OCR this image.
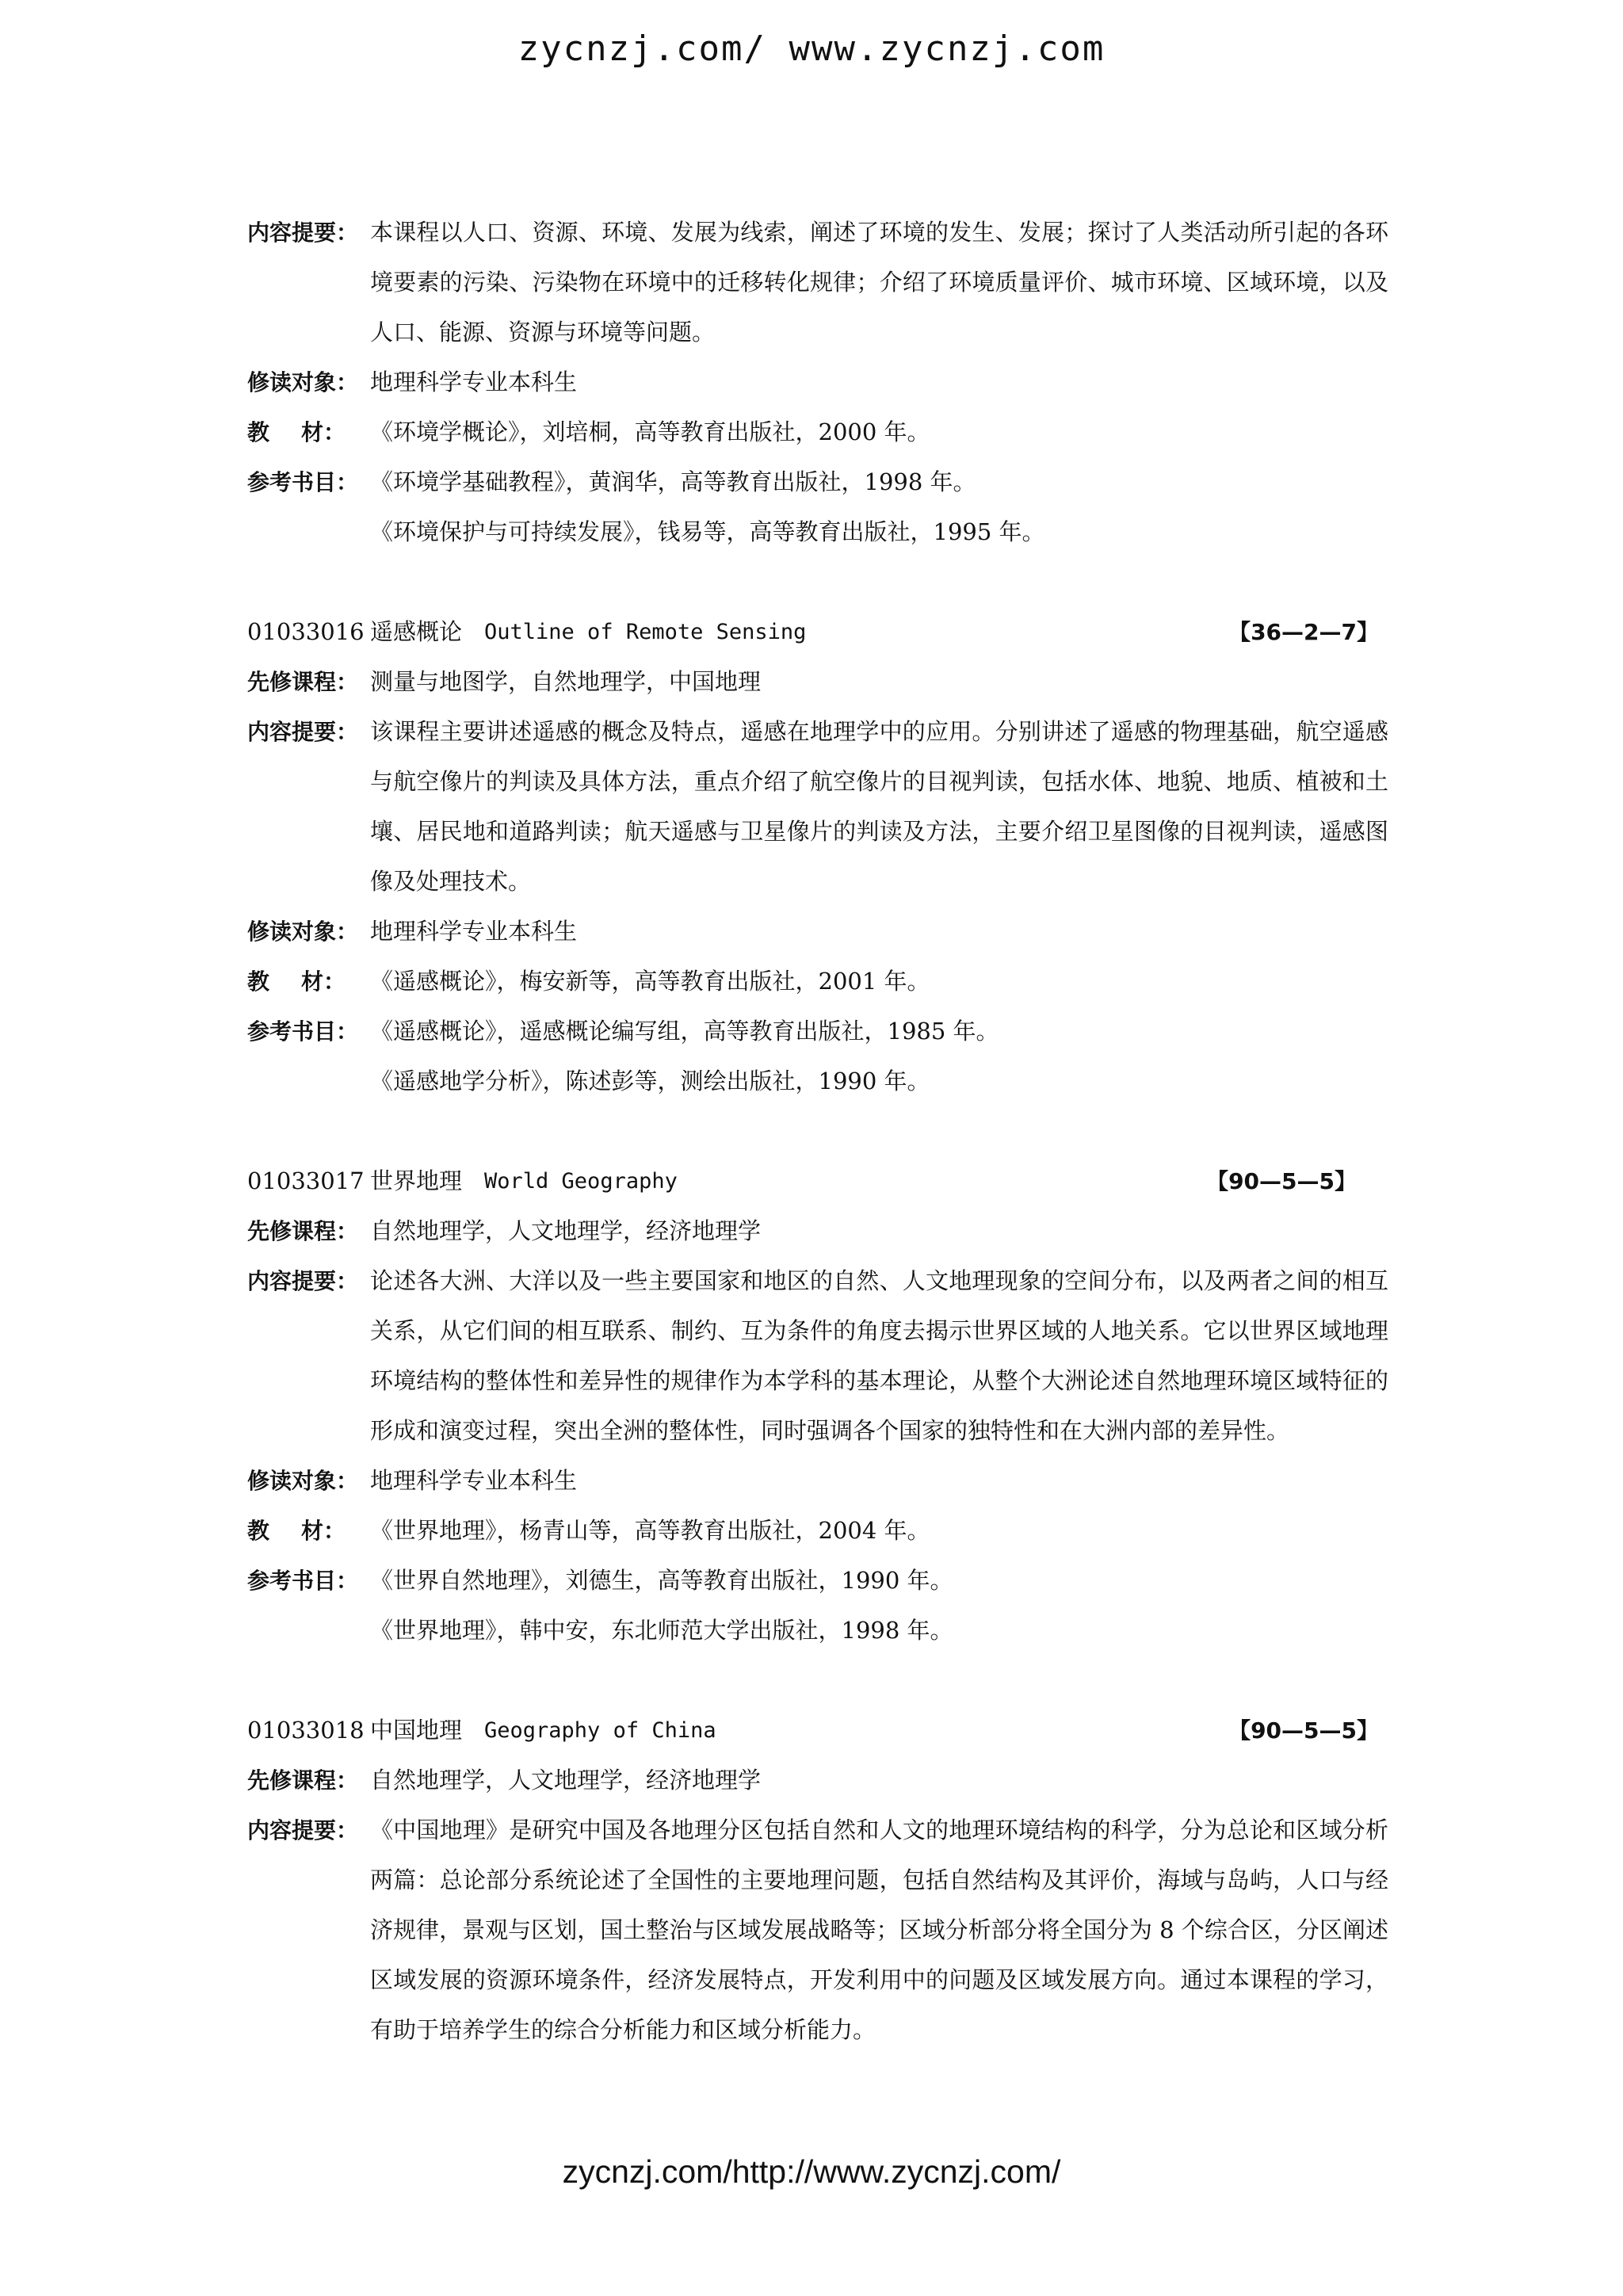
zycnzj.com/ www.zycnzj.com
内容提要： 本课程以人口、资源、环境、发展为线索，阐述了环境的发生、发展；探讨了人类活动所引起的各环境要素的污染、污染物在环境中的迁移转化规律；介绍了环境质量评价、城市环境、区域环境，以及人口、能源、资源与环境等问题。
修读对象： 地理科学专业本科生
教 材： 《环境学概论》，刘培桐，高等教育出版社，2000 年。
参考书目： 《环境学基础教程》，黄润华，高等教育出版社，1998 年。
《环境保护与可持续发展》，钱易等，高等教育出版社，1995 年。
01033016 遥感概论 Outline of Remote Sensing	【36—2—7】
先修课程： 测量与地图学，自然地理学，中国地理
内容提要： 该课程主要讲述遥感的概念及特点，遥感在地理学中的应用。分别讲述了遥感的物理基础，航空遥感与航空像片的判读及具体方法，重点介绍了航空像片的目视判读，包括水体、地貌、地质、植被和土壤、居民地和道路判读；航天遥感与卫星像片的判读及方法，主要介绍卫星图像的目视判读，遥感图像及处理技术。
修读对象： 地理科学专业本科生
教 材： 《遥感概论》，梅安新等，高等教育出版社，2001 年。
参考书目： 《遥感概论》，遥感概论编写组，高等教育出版社，1985 年。
《遥感地学分析》，陈述彭等，测绘出版社，1990 年。
01033017 世界地理 World Geography	【90—5—5】
先修课程： 自然地理学，人文地理学，经济地理学
内容提要： 论述各大洲、大洋以及一些主要国家和地区的自然、人文地理现象的空间分布，以及两者之间的相互关系，从它们间的相互联系、制约、互为条件的角度去揭示世界区域的人地关系。它以世界区域地理环境结构的整体性和差异性的规律作为本学科的基本理论，从整个大洲论述自然地理环境区域特征的形成和演变过程，突出全洲的整体性，同时强调各个国家的独特性和在大洲内部的差异性。
修读对象： 地理科学专业本科生
教 材： 《世界地理》，杨青山等，高等教育出版社，2004 年。
参考书目： 《世界自然地理》，刘德生，高等教育出版社，1990 年。
《世界地理》，韩中安，东北师范大学出版社，1998 年。
01033018 中国地理 Geography of China	【90—5—5】
先修课程： 自然地理学，人文地理学，经济地理学
内容提要： 《中国地理》是研究中国及各地理分区包括自然和人文的地理环境结构的科学，分为总论和区域分析两篇：总论部分系统论述了全国性的主要地理问题，包括自然结构及其评价，海域与岛屿，人口与经济规律，景观与区划，国土整治与区域发展战略等；区域分析部分将全国分为 8 个综合区，分区阐述区域发展的资源环境条件，经济发展特点，开发利用中的问题及区域发展方向。通过本课程的学习，有助于培养学生的综合分析能力和区域分析能力。
zycnzj.com/http://www.zycnzj.com/
